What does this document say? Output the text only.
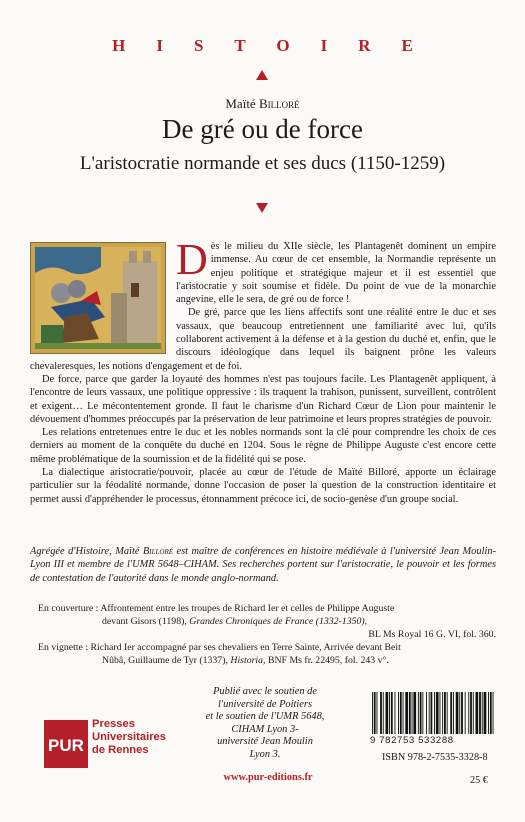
HISTOIRE
Maïté Billoré
De gré ou de force
L'aristocratie normande et ses ducs (1150-1259)

Dès le milieu du XIIe siècle, les Plantagenêt dominent un empire immense. Au cœur de cet ensemble, la Normandie représente un enjeu politique et stratégique majeur et il est essentiel que l'aristocratie y soit soumise et fidèle. Du point de vue de la monarchie angevine, elle le sera, de gré ou de force !

De gré, parce que les liens affectifs sont une réalité entre le duc et ses vassaux, que beaucoup entretiennent une familiarité avec lui, qu'ils collaborent activement à la défense et à la gestion du duché et, enfin, que le discours idéologique dans lequel ils baignent prône les valeurs chevaleresques, les notions d'engagement et de foi.

De force, parce que garder la loyauté des hommes n'est pas toujours facile. Les Plantagenêt appliquent, à l'encontre de leurs vassaux, une politique oppressive : ils traquent la trahison, punissent, surveillent, contrôlent et exigent… Le mécontentement gronde. Il faut le charisme d'un Richard Cœur de Lion pour maintenir le dévouement d'hommes préoccupés par la préservation de leur patrimoine et leurs propres stratégies de pouvoir.

Les relations entretenues entre le duc et les nobles normands sont la clé pour comprendre les choix de ces derniers au moment de la conquête du duché en 1204. Sous le règne de Philippe Auguste c'est encore cette même problématique de la soumission et de la fidélité qui se pose.

La dialectique aristocratie/pouvoir, placée au cœur de l'étude de Maïté Billoré, apporte un éclairage particulier sur la féodalité normande, donne l'occasion de poser la question de la construction identitaire et permet aussi d'appréhender le processus, étonnamment précoce ici, de socio-genèse d'un groupe social.

Agrégée d'Histoire, Maïté Billoré est maître de conférences en histoire médiévale à l'université Jean Moulin-Lyon III et membre de l'UMR 5648–CIHAM. Ses recherches portent sur l'aristocratie, le pouvoir et les formes de contestation de l'autorité dans le monde anglo-normand.
En couverture : Affrontement entre les troupes de Richard Ier et celles de Philippe Auguste
devant Gisors (1198), Grandes Chroniques de France (1332-1350),
BL Ms Royal 16 G. VI, fol. 360.
En vignette : Richard Ier accompagné par ses chevaliers en Terre Sainte, Arrivée devant Beit
Nûbâ, Guillaume de Tyr (1337), Historia, BNF Ms fr. 22495, fol. 243 v°.
PUR
Presses
Universitaires
de Rennes
Publié avec le soutien de
l'université de Poitiers
et le soutien de l'UMR 5648,
CIHAM Lyon 3-
université Jean Moulin
Lyon 3.
www.pur-editions.fr
9 782753 533288
ISBN 978-2-7535-3328-8
25 €
